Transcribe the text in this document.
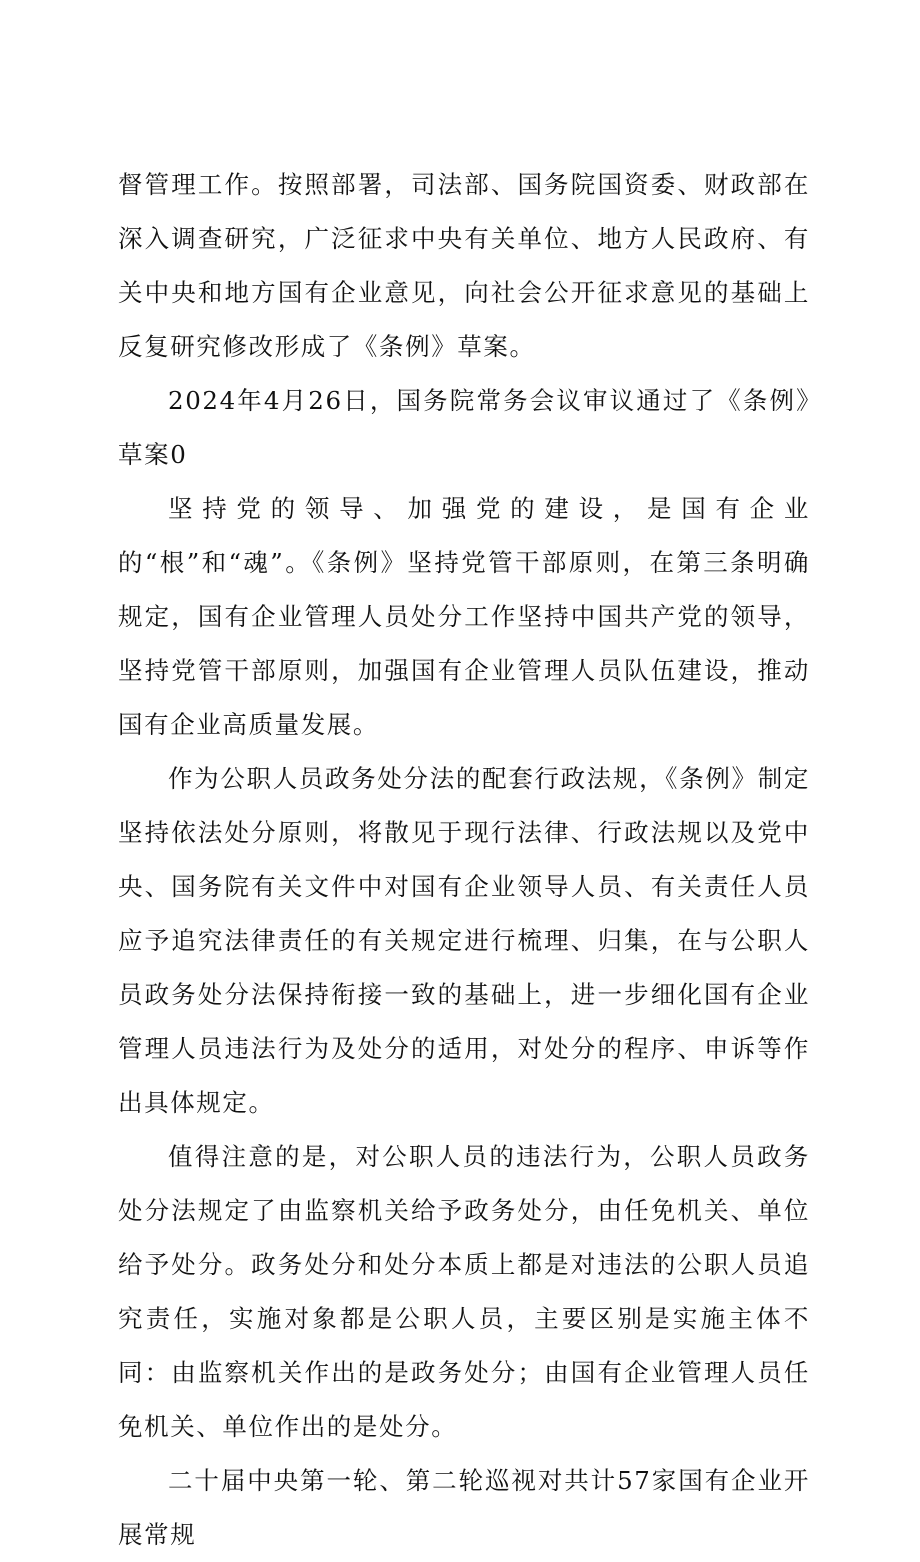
督管理工作。按照部署，司法部、国务院国资委、财政部在深入调查研究，广泛征求中央有关单位、地方人民政府、有关中央和地方国有企业意见，向社会公开征求意见的基础上反复研究修改形成了《条例》草案。

2024年4月26日，国务院常务会议审议通过了《条例》草案0

坚持党的领导、加强党的建设，是国有企业的“根”和“魂”。《条例》坚持党管干部原则，在第三条明确规定，国有企业管理人员处分工作坚持中国共产党的领导，坚持党管干部原则，加强国有企业管理人员队伍建设，推动国有企业高质量发展。

作为公职人员政务处分法的配套行政法规，《条例》制定坚持依法处分原则，将散见于现行法律、行政法规以及党中央、国务院有关文件中对国有企业领导人员、有关责任人员应予追究法律责任的有关规定进行梳理、归集，在与公职人员政务处分法保持衔接一致的基础上，进一步细化国有企业管理人员违法行为及处分的适用，对处分的程序、申诉等作出具体规定。

值得注意的是，对公职人员的违法行为，公职人员政务处分法规定了由监察机关给予政务处分，由任免机关、单位给予处分。政务处分和处分本质上都是对违法的公职人员追究责任，实施对象都是公职人员，主要区别是实施主体不同：由监察机关作出的是政务处分；由国有企业管理人员任免机关、单位作出的是处分。

二十届中央第一轮、第二轮巡视对共计57家国有企业开展常规
